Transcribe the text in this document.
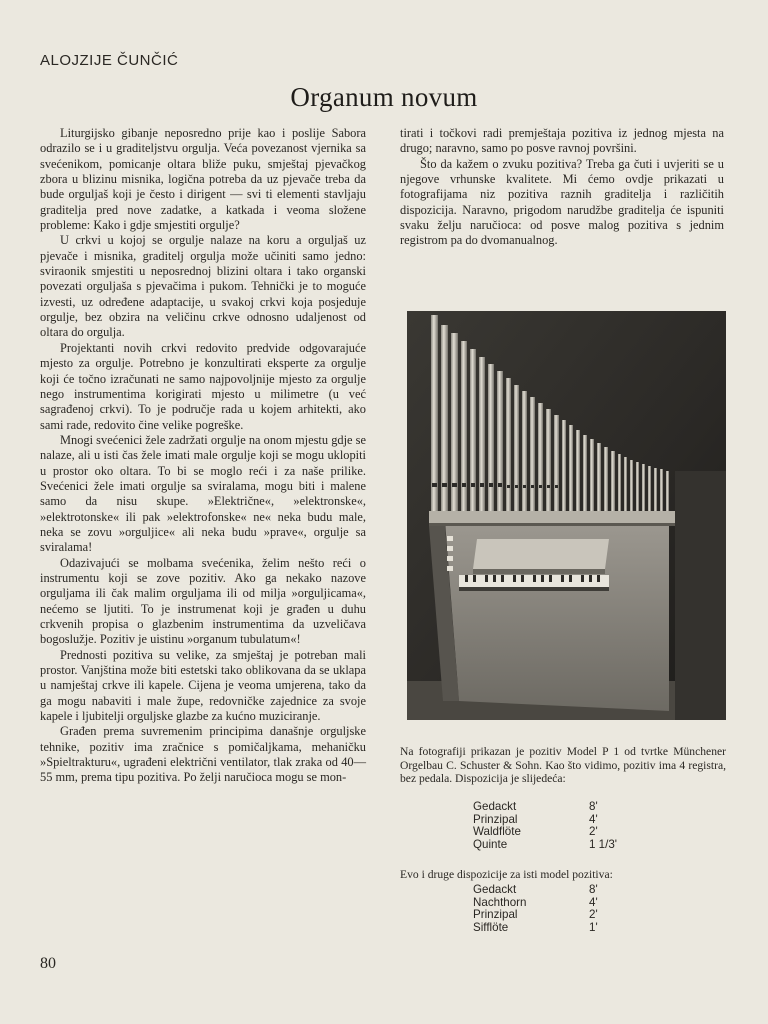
ALOJZIJE ČUNČIĆ
Organum novum

Liturgijsko gibanje neposredno prije kao i poslije Sabora odrazilo se i u graditeljstvu orgulja. Veća povezanost vjernika sa svećenikom, pomicanje oltara bliže puku, smještaj pjevačkog zbora u blizinu misnika, logična potreba da uz pjevače treba da bude orguljaš koji je često i dirigent — svi ti elementi stavljaju graditelja pred nove zadatke, a katkada i veoma složene probleme: Kako i gdje smjestiti orgulje?

U crkvi u kojoj se orgulje nalaze na koru a orguljaš uz pjevače i misnika, graditelj orgulja može učiniti samo jedno: sviraonik smjestiti u neposrednoj blizini oltara i tako organski povezati orguljaša s pjevačima i pukom. Tehnički je to moguće izvesti, uz određene adaptacije, u svakoj crkvi koja posjeduje orgulje, bez obzira na veličinu crkve odnosno udaljenost od oltara do orgulja.

Projektanti novih crkvi redovito predvide odgovarajuće mjesto za orgulje. Potrebno je konzultirati eksperte za orgulje koji će točno izračunati ne samo najpovoljnije mjesto za orgulje nego instrumentima korigirati mjesto u milimetre (u već sagrađenoj crkvi). To je područje rada u kojem arhitekti, ako sami rade, redovito čine velike pogreške.

Mnogi svećenici žele zadržati orgulje na onom mjestu gdje se nalaze, ali u isti čas žele imati male orgulje koji se mogu uklopiti u prostor oko oltara. To bi se moglo reći i za naše prilike. Svećenici žele imati orgulje sa sviralama, mogu biti i malene samo da nisu skupe. »Električne«, »elektronske«, »elektrotonske« ili pak »elektrofonske« ne« neka budu male, neka se zovu »orguljice« ali neka budu »prave«, orgulje sa sviralama!

Odazivajući se molbama svećenika, želim nešto reći o instrumentu koji se zove pozitiv. Ako ga nekako nazove orguljama ili čak malim orguljama ili od milja »orguljicama«, nećemo se ljutiti. To je instrumenat koji je građen u duhu crkvenih propisa o glazbenim instrumentima da uzveličava bogoslužje. Pozitiv je uistinu »organum tubulatum«!

Prednosti pozitiva su velike, za smještaj je potreban mali prostor. Vanjština može biti estetski tako oblikovana da se uklapa u namještaj crkve ili kapele. Cijena je veoma umjerena, tako da ga mogu nabaviti i male župe, redovničke zajednice za svoje kapele i ljubitelji orguljske glazbe za kućno muziciranje.

Građen prema suvremenim principima današnje orguljske tehnike, pozitiv ima zračnice s pomičaljkama, mehaničku »Spieltrakturu«, ugrađeni električni ventilator, tlak zraka od 40—55 mm, prema tipu pozitiva. Po želji naručioca mogu se mon-

tirati i točkovi radi premještaja pozitiva iz jednog mjesta na drugo; naravno, samo po posve ravnoj površini.

Što da kažem o zvuku pozitiva? Treba ga čuti i uvjeriti se u njegove vrhunske kvalitete. Mi ćemo ovdje prikazati u fotografijama niz pozitiva raznih graditelja i različitih dispozicija. Naravno, prigodom narudžbe graditelja će ispuniti svaku želju naručioca: od posve malog pozitiva s jednim registrom pa do dvomanualnog.

Na fotografiji prikazan je pozitiv Model P 1 od tvrtke Münchener Orgelbau C. Schuster & Sohn. Kao što vidimo, pozitiv ima 4 registra, bez pedala. Dispozicija je slijedeća:

Gedackt	8'
Prinzipal	4'
Waldflöte	2'
Quinte	1 1/3'
Evo i druge dispozicije za isti model pozitiva:
Gedackt	8'
Nachthorn	4'
Prinzipal	2'
Sifflöte	1'
80
